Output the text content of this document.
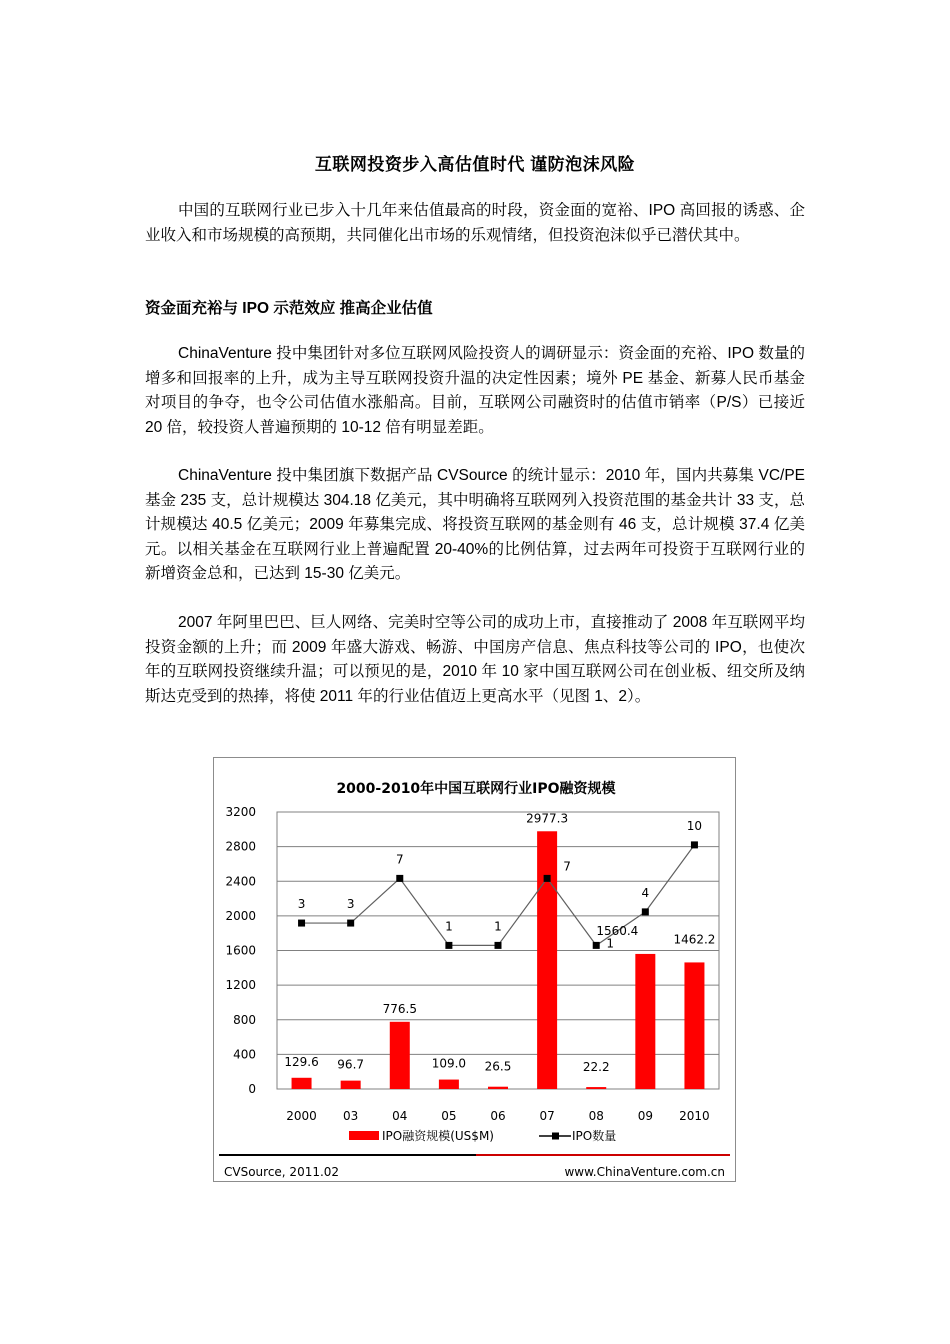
互联网投资步入高估值时代 谨防泡沫风险

中国的互联网行业已步入十几年来估值最高的时段，资金面的宽裕、IPO 高回报的诱惑、企业收入和市场规模的高预期，共同催化出市场的乐观情绪，但投资泡沫似乎已潜伏其中。

资金面充裕与 IPO 示范效应 推高企业估值

ChinaVenture 投中集团针对多位互联网风险投资人的调研显示：资金面的充裕、IPO 数量的增多和回报率的上升，成为主导互联网投资升温的决定性因素；境外 PE 基金、新募人民币基金对项目的争夺，也令公司估值水涨船高。目前，互联网公司融资时的估值市销率（P/S）已接近 20 倍，较投资人普遍预期的 10-12 倍有明显差距。

ChinaVenture 投中集团旗下数据产品 CVSource 的统计显示：2010 年，国内共募集 VC/PE 基金 235 支，总计规模达 304.18 亿美元，其中明确将互联网列入投资范围的基金共计 33 支，总计规模达 40.5 亿美元；2009 年募集完成、将投资互联网的基金则有 46 支，总计规模 37.4 亿美元。以相关基金在互联网行业上普遍配置 20-40%的比例估算，过去两年可投资于互联网行业的新增资金总和，已达到 15-30 亿美元。

2007 年阿里巴巴、巨人网络、完美时空等公司的成功上市，直接推动了 2008 年互联网平均投资金额的上升；而 2009 年盛大游戏、畅游、中国房产信息、焦点科技等公司的 IPO，也使次年的互联网投资继续升温；可以预见的是，2010 年 10 家中国互联网公司在创业板、纽交所及纳斯达克受到的热捧，将使 2011 年的行业估值迈上更高水平（见图 1、2）。

2000-2010年中国互联网行业IPO融资规模
0
400
800
1200
1600
2000
2400
2800
3200
2000 03	04	05	06	07	08	09 2010
129.6 96.7
776.5
109.0 26.5
2977.3
22.2
1560.4
1462.2
3	3
7
1	1
7
1
4
10
IPO融资规模(US$M)	IPO数量
CVSource, 2011.02	www.ChinaVenture.com.cn
